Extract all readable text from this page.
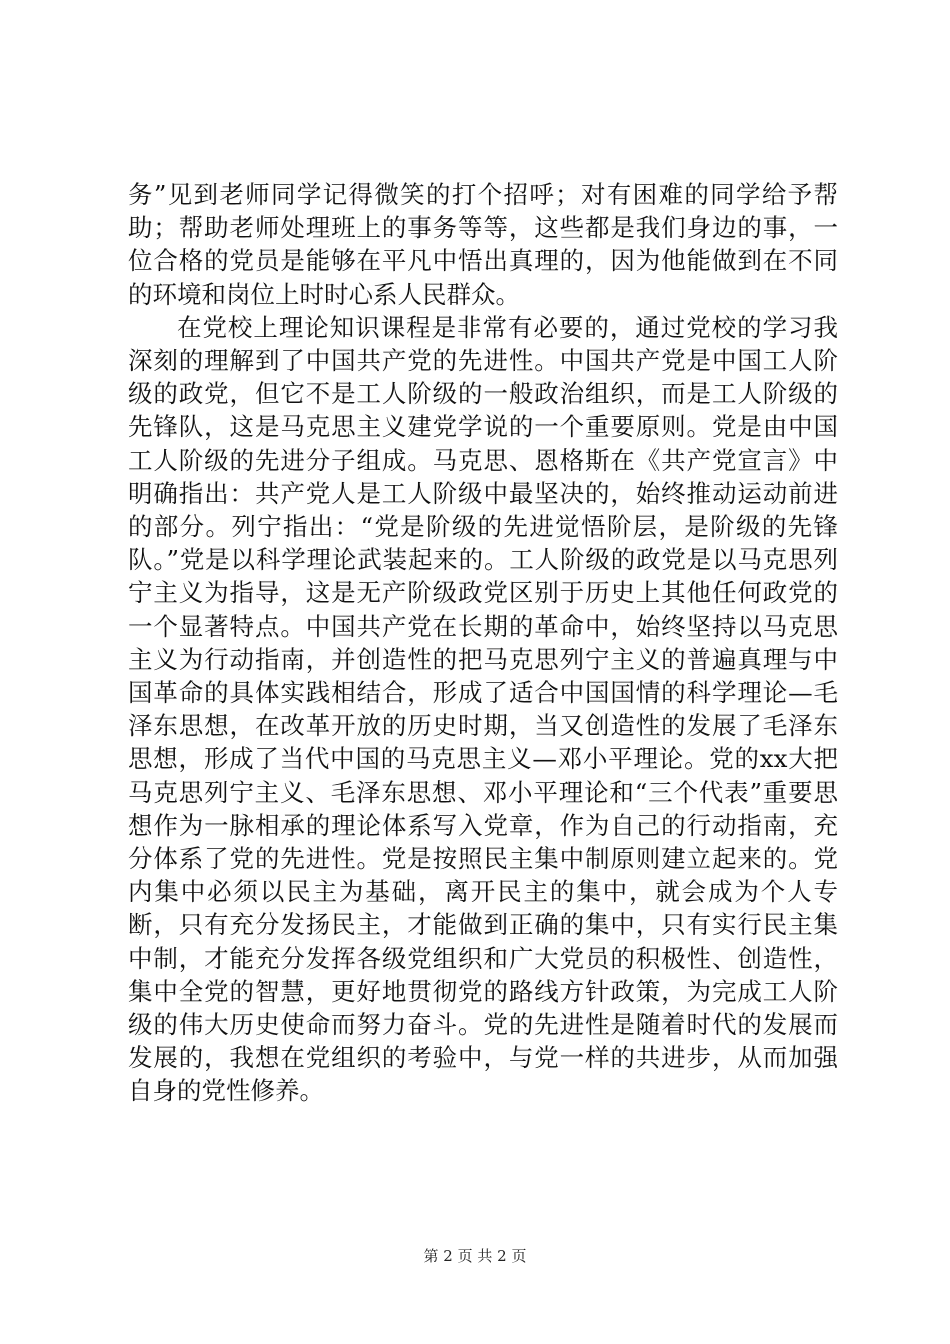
务”见到老师同学记得微笑的打个招呼；对有困难的同学给予帮助；帮助老师处理班上的事务等等，这些都是我们身边的事，一位合格的党员是能够在平凡中悟出真理的，因为他能做到在不同的环境和岗位上时时心系人民群众。

在党校上理论知识课程是非常有必要的，通过党校的学习我深刻的理解到了中国共产党的先进性。中国共产党是中国工人阶级的政党，但它不是工人阶级的一般政治组织，而是工人阶级的先锋队，这是马克思主义建党学说的一个重要原则。党是由中国工人阶级的先进分子组成。马克思、恩格斯在《共产党宣言》中明确指出：共产党人是工人阶级中最坚决的，始终推动运动前进的部分。列宁指出：“党是阶级的先进觉悟阶层，是阶级的先锋队。”党是以科学理论武装起来的。工人阶级的政党是以马克思列宁主义为指导，这是无产阶级政党区别于历史上其他任何政党的一个显著特点。中国共产党在长期的革命中，始终坚持以马克思主义为行动指南，并创造性的把马克思列宁主义的普遍真理与中国革命的具体实践相结合，形成了适合中国国情的科学理论—毛泽东思想，在改革开放的历史时期，当又创造性的发展了毛泽东思想，形成了当代中国的马克思主义—邓小平理论。党的xx大把马克思列宁主义、毛泽东思想、邓小平理论和“三个代表”重要思想作为一脉相承的理论体系写入党章，作为自己的行动指南，充分体系了党的先进性。党是按照民主集中制原则建立起来的。党内集中必须以民主为基础，离开民主的集中，就会成为个人专断，只有充分发扬民主，才能做到正确的集中，只有实行民主集中制，才能充分发挥各级党组织和广大党员的积极性、创造性，集中全党的智慧，更好地贯彻党的路线方针政策，为完成工人阶级的伟大历史使命而努力奋斗。党的先进性是随着时代的发展而发展的，我想在党组织的考验中，与党一样的共进步，从而加强自身的党性修养。

第 2 页 共 2 页
